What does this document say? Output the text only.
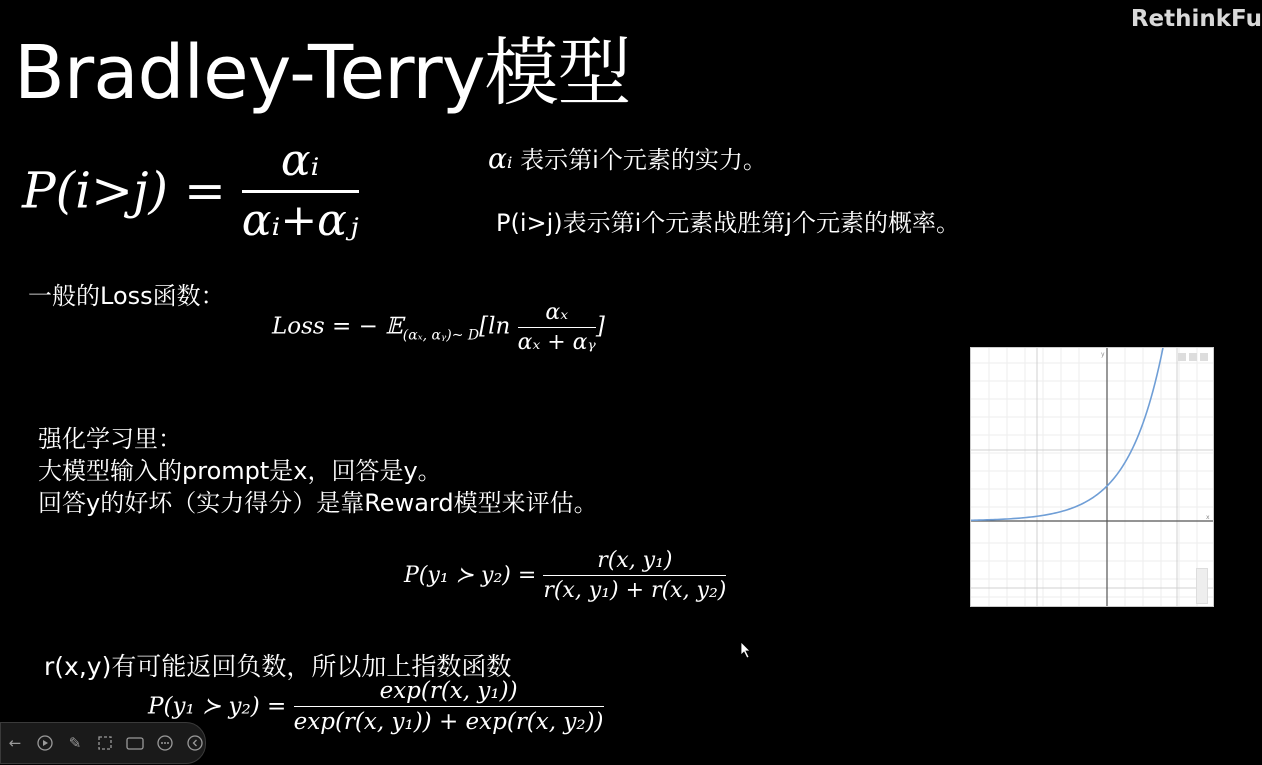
Bradley-Terry模型
RethinkFu
$P(i>j) = \frac{\text{αᵢ}}{\text{αᵢ+αⱼ}}$	αᵢ 表示第i个元素的实力。
P(i>j)表示第i个元素战胜第j个元素的概率。
一般的Loss函数：
Loss = − 𝔼$_{(\alpha_x, \alpha ᵧ)\sim D}$[ln $\frac{\text{αₓ}}{\text{αₓ + αᵧ}}$ ]
强化学习里：
大模型输入的prompt是x，回答是y。
回答y的好坏（实力得分）是靠Reward模型来评估。
P(y₁ ≻ $y_2) = \frac{\text{r(x, y₁)}}{\text{r(x, y₁) + r(x, y₂)}}$
r(x,y)有可能返回负数，所以加上指数函数
P(y₁ ≻ $y_2) = \frac{\text{exp(r(x, y₁))}}{\text{exp(r(x, y₁)) + exp(r(x, y₂))}}$
y
x
←	✎
